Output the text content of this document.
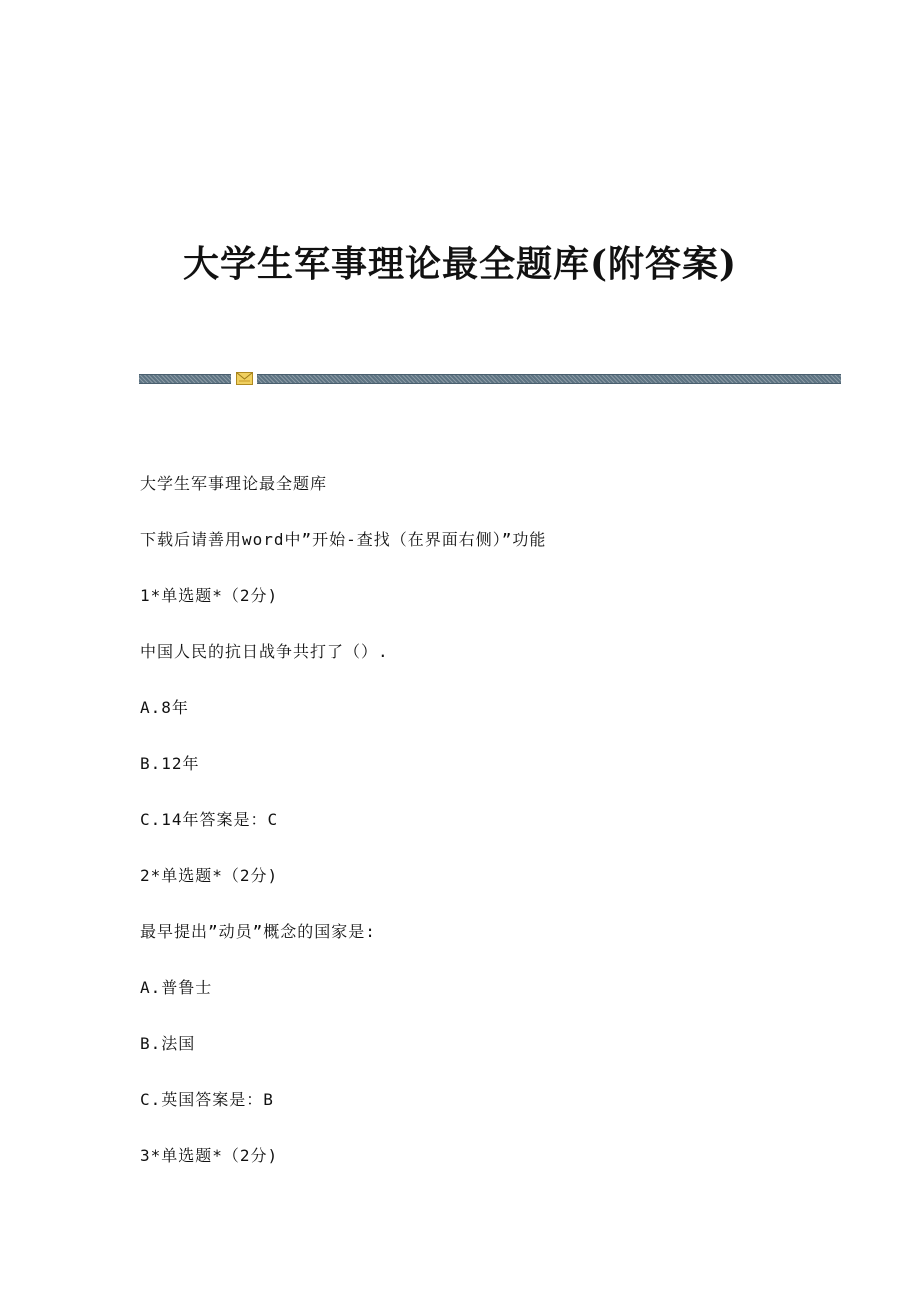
大学生军事理论最全题库(附答案)
大学生军事理论最全题库
下载后请善用word中”开始-查找（在界面右侧）”功能
1*单选题*（2分)
中国人民的抗日战争共打了（）.
A.8年
B.12年
C.14年答案是：C
2*单选题*（2分)
最早提出”动员”概念的国家是:
A.普鲁士
B.法国
C.英国答案是：B
3*单选题*（2分)
